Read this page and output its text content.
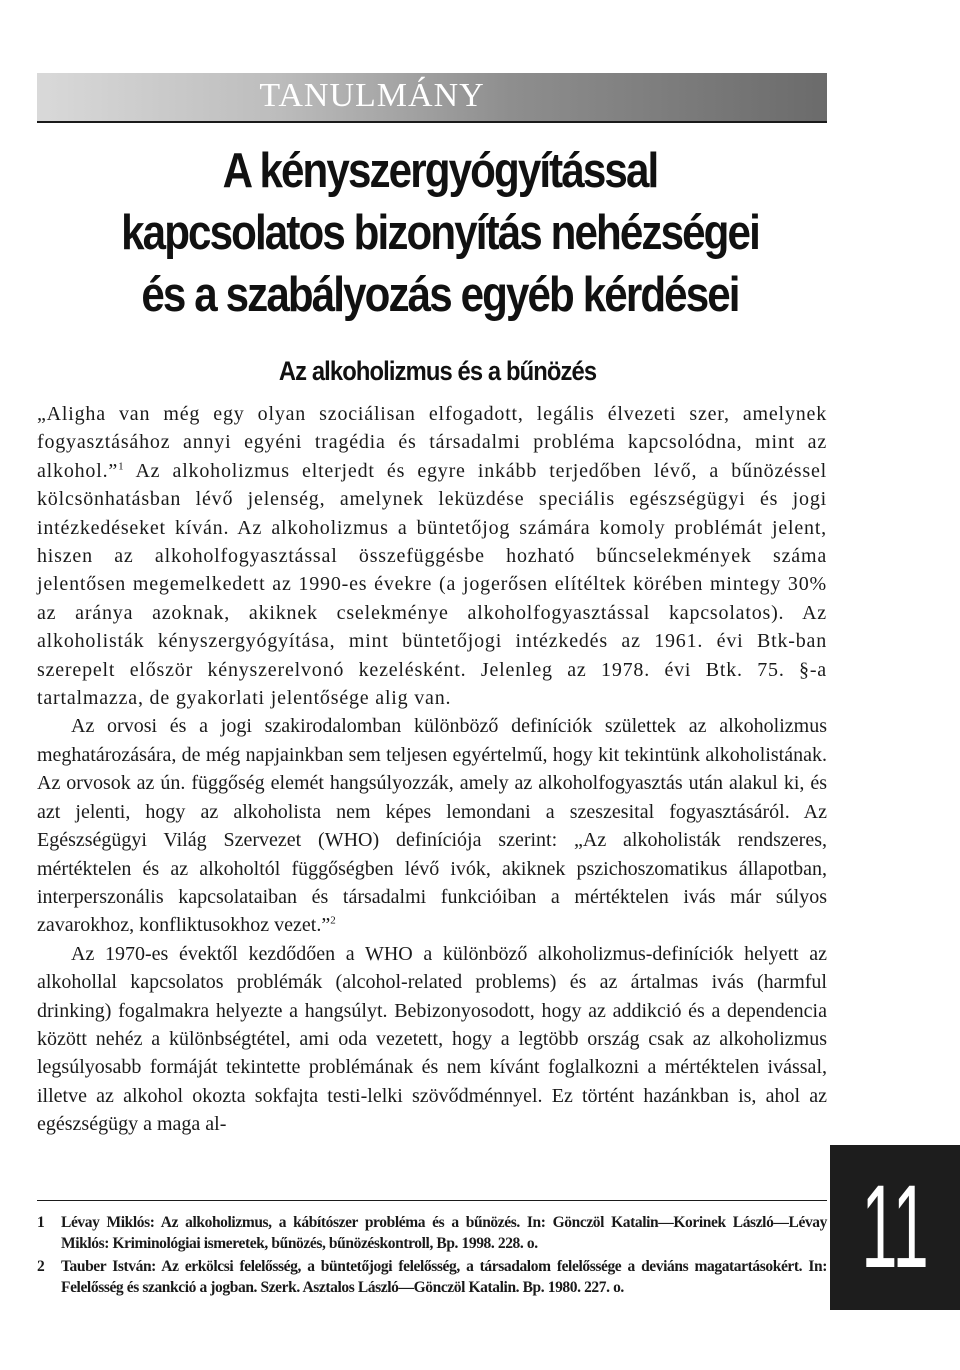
TANULMÁNY
A kényszergyógyítással
kapcsolatos bizonyítás nehézségei
és a szabályozás egyéb kérdései
Az alkoholizmus és a bűnözés

„Aligha van még egy olyan szociálisan elfogadott, legális élvezeti szer, amelynek fogyasztásához annyi egyéni tragédia és társadalmi probléma kapcsolódna, mint az alkohol.”$^1$ Az alkoholizmus elterjedt és egyre inkább terjedőben lévő, a bűnözéssel kölcsönhatásban lévő jelenség, amelynek leküzdése speciális egészségügyi és jogi intézkedéseket kíván. Az alkoholizmus a büntetőjog számára komoly problémát jelent, hiszen az alkoholfogyasztással összefüggésbe hozható bűncselekmények száma jelentősen megemelkedett az 1990-es évekre (a jogerősen elítéltek körében mintegy 30% az aránya azoknak, akiknek cselekménye alkoholfogyasztással kapcsolatos). Az alkoholisták kényszergyógyítása, mint büntetőjogi intézkedés az 1961. évi Btk-ban szerepelt először kényszerelvonó kezelésként. Jelenleg az 1978. évi Btk. 75. §-a tartalmazza, de gyakorlati jelentősége alig van.

Az orvosi és a jogi szakirodalomban különböző definíciók születtek az alkoholizmus meghatározására, de még napjainkban sem teljesen egyértelmű, hogy kit tekintünk alkoholistának. Az orvosok az ún. függőség elemét hangsúlyozzák, amely az alkoholfogyasztás után alakul ki, és azt jelenti, hogy az alkoholista nem képes lemondani a szeszesital fogyasztásáról. Az Egészségügyi Világ Szervezet (WHO) definíciója szerint: „Az alkoholisták rendszeres, mértéktelen és az alkoholtól függőségben lévő ivók, akiknek pszichoszomatikus állapotban, interperszonális kapcsolataiban és társadalmi funkcióiban a mértéktelen ivás már súlyos zavarokhoz, konfliktusokhoz vezet.”$^2$

Az 1970-es évektől kezdődően a WHO a különböző alkoholizmus-definíciók helyett az alkohollal kapcsolatos problémák (alcohol-related problems) és az ártalmas ivás (harmful drinking) fogalmakra helyezte a hangsúlyt. Bebizonyosodott, hogy az addikció és a dependencia között nehéz a különbségtétel, ami oda vezetett, hogy a legtöbb ország csak az alkoholizmus legsúlyosabb formáját tekintette problémának és nem kívánt foglalkozni a mértéktelen ivással, illetve az alkohol okozta sokfajta testi-lelki szövődménnyel. Ez történt hazánkban is, ahol az egészségügy a maga al-

1	Lévay Miklós: Az alkoholizmus, a kábítószer probléma és a bűnözés. In: Gönczöl Katalin—Korinek László—Lévay Miklós: Kriminológiai ismeretek, bűnözés, bűnözéskontroll, Bp. 1998. 228. o.
2	Tauber István: Az erkölcsi felelősség, a büntetőjogi felelősség, a társadalom felelőssége a deviáns magatartásokért. In: Felelősség és szankció a jogban. Szerk. Asztalos László—Gönczöl Katalin. Bp. 1980. 227. o.	11
